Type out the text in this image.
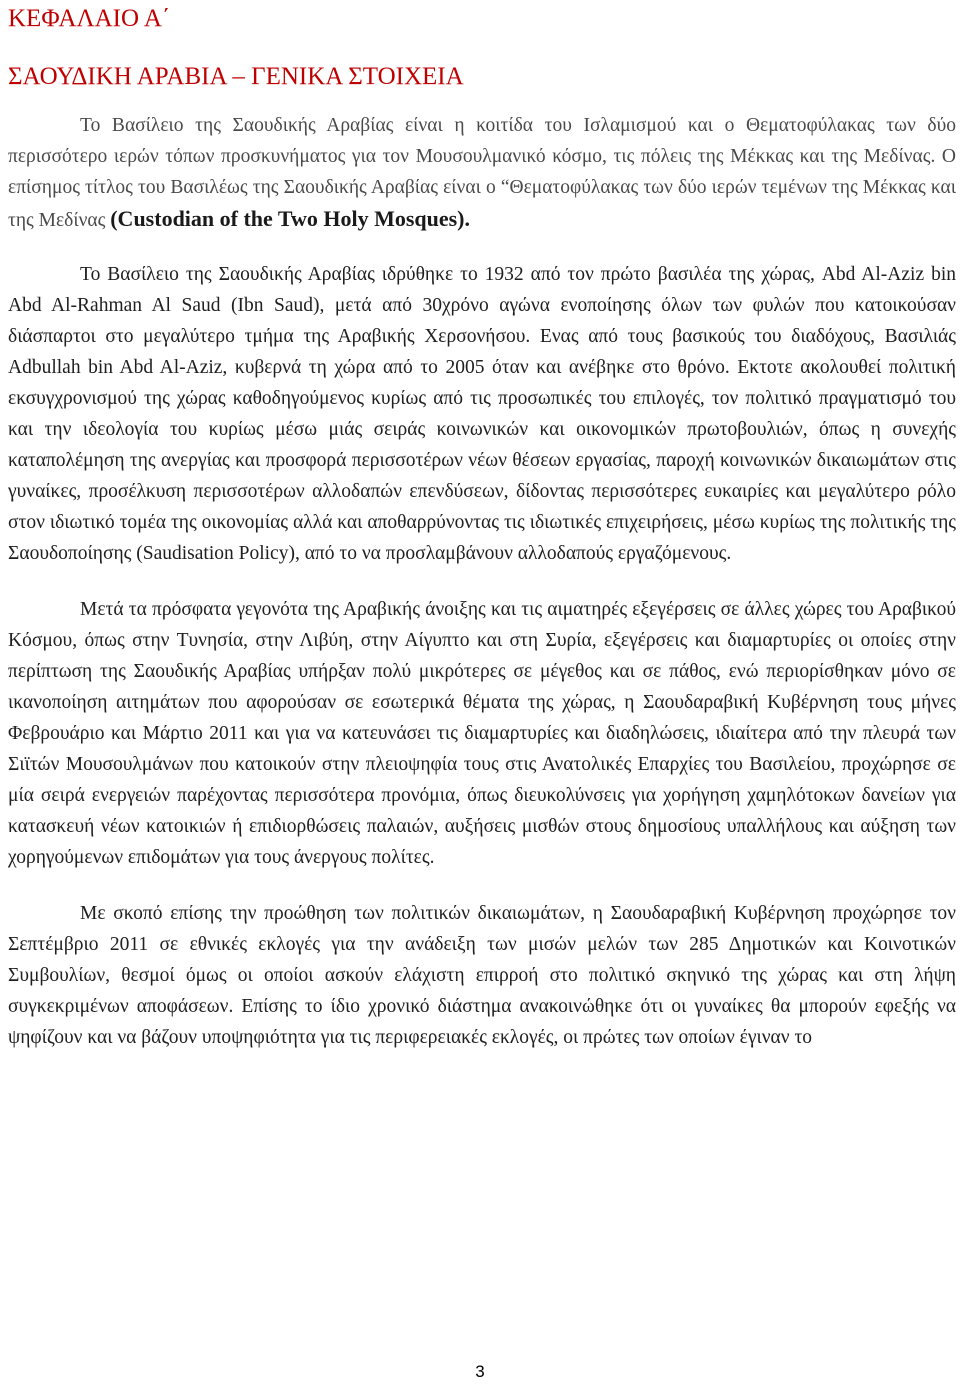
ΚΕΦΑΛΑΙΟ Α΄
ΣΑΟΥΔΙΚΗ ΑΡΑΒΙΑ – ΓΕΝΙΚΑ ΣΤΟΙΧΕΙΑ

Το Βασίλειο της Σαουδικής Αραβίας είναι η κοιτίδα του Ισλαμισμού και ο Θεματοφύλακας των δύο περισσότερο ιερών τόπων προσκυνήματος για τον Μουσουλμανικό κόσμο, τις πόλεις της Μέκκας και της Μεδίνας. Ο επίσημος τίτλος του Βασιλέως της Σαουδικής Αραβίας είναι ο “Θεματοφύλακας των δύο ιερών τεμένων της Μέκκας και της Μεδίνας (Custodian of the Two Holy Mosques).

Το Βασίλειο της Σαουδικής Αραβίας ιδρύθηκε το 1932 από τον πρώτο βασιλέα της χώρας, Abd Al-Aziz bin Abd Al-Rahman Al Saud (Ibn Saud), μετά από 30χρόνο αγώνα ενοποίησης όλων των φυλών που κατοικούσαν διάσπαρτοι στο μεγαλύτερο τμήμα της Αραβικής Χερσονήσου. Ενας από τους βασικούς του διαδόχους, Βασιλιάς Adbullah bin Abd Al-Aziz, κυβερνά τη χώρα από το 2005 όταν και ανέβηκε στο θρόνο. Εκτοτε ακολουθεί πολιτική εκσυγχρονισμού της χώρας καθοδηγούμενος κυρίως από τις προσωπικές του επιλογές, τον πολιτικό πραγματισμό του και την ιδεολογία του κυρίως μέσω μιάς σειράς κοινωνικών και οικονομικών πρωτοβουλιών, όπως η συνεχής καταπολέμηση της ανεργίας και προσφορά περισσοτέρων νέων θέσεων εργασίας, παροχή κοινωνικών δικαιωμάτων στις γυναίκες, προσέλκυση περισσοτέρων αλλοδαπών επενδύσεων, δίδοντας περισσότερες ευκαιρίες και μεγαλύτερο ρόλο στον ιδιωτικό τομέα της οικονομίας αλλά και αποθαρρύνοντας τις ιδιωτικές επιχειρήσεις, μέσω κυρίως της πολιτικής της Σαουδοποίησης (Saudisation Policy), από το να προσλαμβάνουν αλλοδαπούς εργαζόμενους.

Μετά τα πρόσφατα γεγονότα της Αραβικής άνοιξης και τις αιματηρές εξεγέρσεις σε άλλες χώρες του Αραβικού Κόσμου, όπως στην Τυνησία, στην Λιβύη, στην Αίγυπτο και στη Συρία, εξεγέρσεις και διαμαρτυρίες οι οποίες στην περίπτωση της Σαουδικής Αραβίας υπήρξαν πολύ μικρότερες σε μέγεθος και σε πάθος, ενώ περιορίσθηκαν μόνο σε ικανοποίηση αιτημάτων που αφορούσαν σε εσωτερικά θέματα της χώρας, η Σαουδαραβική Κυβέρνηση τους μήνες Φεβρουάριο και Μάρτιο 2011 και για να κατευνάσει τις διαμαρτυρίες και διαδηλώσεις, ιδιαίτερα από την πλευρά των Σιϊτών Μουσουλμάνων που κατοικούν στην πλειοψηφία τους στις Ανατολικές Επαρχίες του Βασιλείου, προχώρησε σε μία σειρά ενεργειών παρέχοντας περισσότερα προνόμια, όπως διευκολύνσεις για χορήγηση χαμηλότοκων δανείων για κατασκευή νέων κατοικιών ή επιδιορθώσεις παλαιών, αυξήσεις μισθών στους δημοσίους υπαλλήλους και αύξηση των χορηγούμενων επιδομάτων για τους άνεργους πολίτες.

Με σκοπό επίσης την προώθηση των πολιτικών δικαιωμάτων, η Σαουδαραβική Κυβέρνηση προχώρησε τον Σεπτέμβριο 2011 σε εθνικές εκλογές για την ανάδειξη των μισών μελών των 285 Δημοτικών και Κοινοτικών Συμβουλίων, θεσμοί όμως οι οποίοι ασκούν ελάχιστη επιρροή στο πολιτικό σκηνικό της χώρας και στη λήψη συγκεκριμένων αποφάσεων. Επίσης το ίδιο χρονικό διάστημα ανακοινώθηκε ότι οι γυναίκες θα μπορούν εφεξής να ψηφίζουν και να βάζουν υποψηφιότητα για τις περιφερειακές εκλογές, οι πρώτες των οποίων έγιναν το

3
